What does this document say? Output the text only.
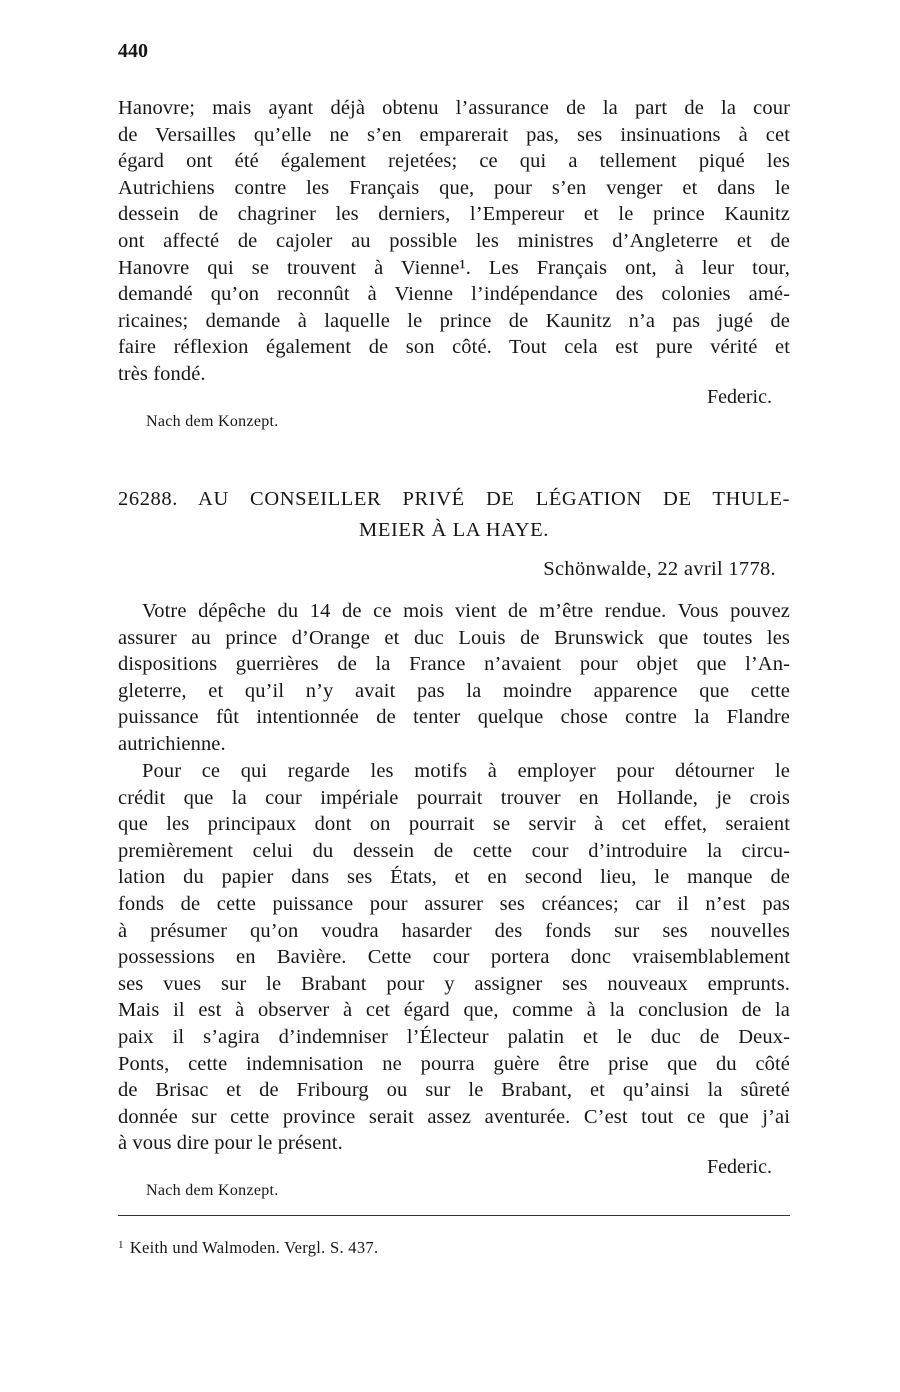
440

Hanovre; mais ayant déjà obtenu l’assurance de la part de la cour
de Versailles qu’elle ne s’en emparerait pas, ses insinuations à cet
égard ont été également rejetées; ce qui a tellement piqué les
Autrichiens contre les Français que, pour s’en venger et dans le
dessein de chagriner les derniers, l’Empereur et le prince Kaunitz
ont affecté de cajoler au possible les ministres d’Angleterre et de
Hanovre qui se trouvent à Vienne¹. Les Français ont, à leur tour,
demandé qu’on reconnût à Vienne l’indépendance des colonies amé-
ricaines; demande à laquelle le prince de Kaunitz n’a pas jugé de
faire réflexion également de son côté. Tout cela est pure vérité et
très fondé.

Federic.
Nach dem Konzept.
26288. AU CONSEILLER PRIVÉ DE LÉGATION DE THULE-
MEIER À LA HAYE.
Schönwalde, 22 avril 1778.

Votre dépêche du 14 de ce mois vient de m’être rendue. Vous pouvez
assurer au prince d’Orange et duc Louis de Brunswick que toutes les
dispositions guerrières de la France n’avaient pour objet que l’An-
gleterre, et qu’il n’y avait pas la moindre apparence que cette
puissance fût intentionnée de tenter quelque chose contre la Flandre
autrichienne.

Pour ce qui regarde les motifs à employer pour détourner le
crédit que la cour impériale pourrait trouver en Hollande, je crois
que les principaux dont on pourrait se servir à cet effet, seraient
premièrement celui du dessein de cette cour d’introduire la circu-
lation du papier dans ses États, et en second lieu, le manque de
fonds de cette puissance pour assurer ses créances; car il n’est pas
à présumer qu’on voudra hasarder des fonds sur ses nouvelles
possessions en Bavière. Cette cour portera donc vraisemblablement
ses vues sur le Brabant pour y assigner ses nouveaux emprunts.
Mais il est à observer à cet égard que, comme à la conclusion de la
paix il s’agira d’indemniser l’Électeur palatin et le duc de Deux-
Ponts, cette indemnisation ne pourra guère être prise que du côté
de Brisac et de Fribourg ou sur le Brabant, et qu’ainsi la sûreté
donnée sur cette province serait assez aventurée. C’est tout ce que j’ai
à vous dire pour le présent.

Federic.
Nach dem Konzept.
$^1$ Keith und Walmoden. Vergl. S. 437.
